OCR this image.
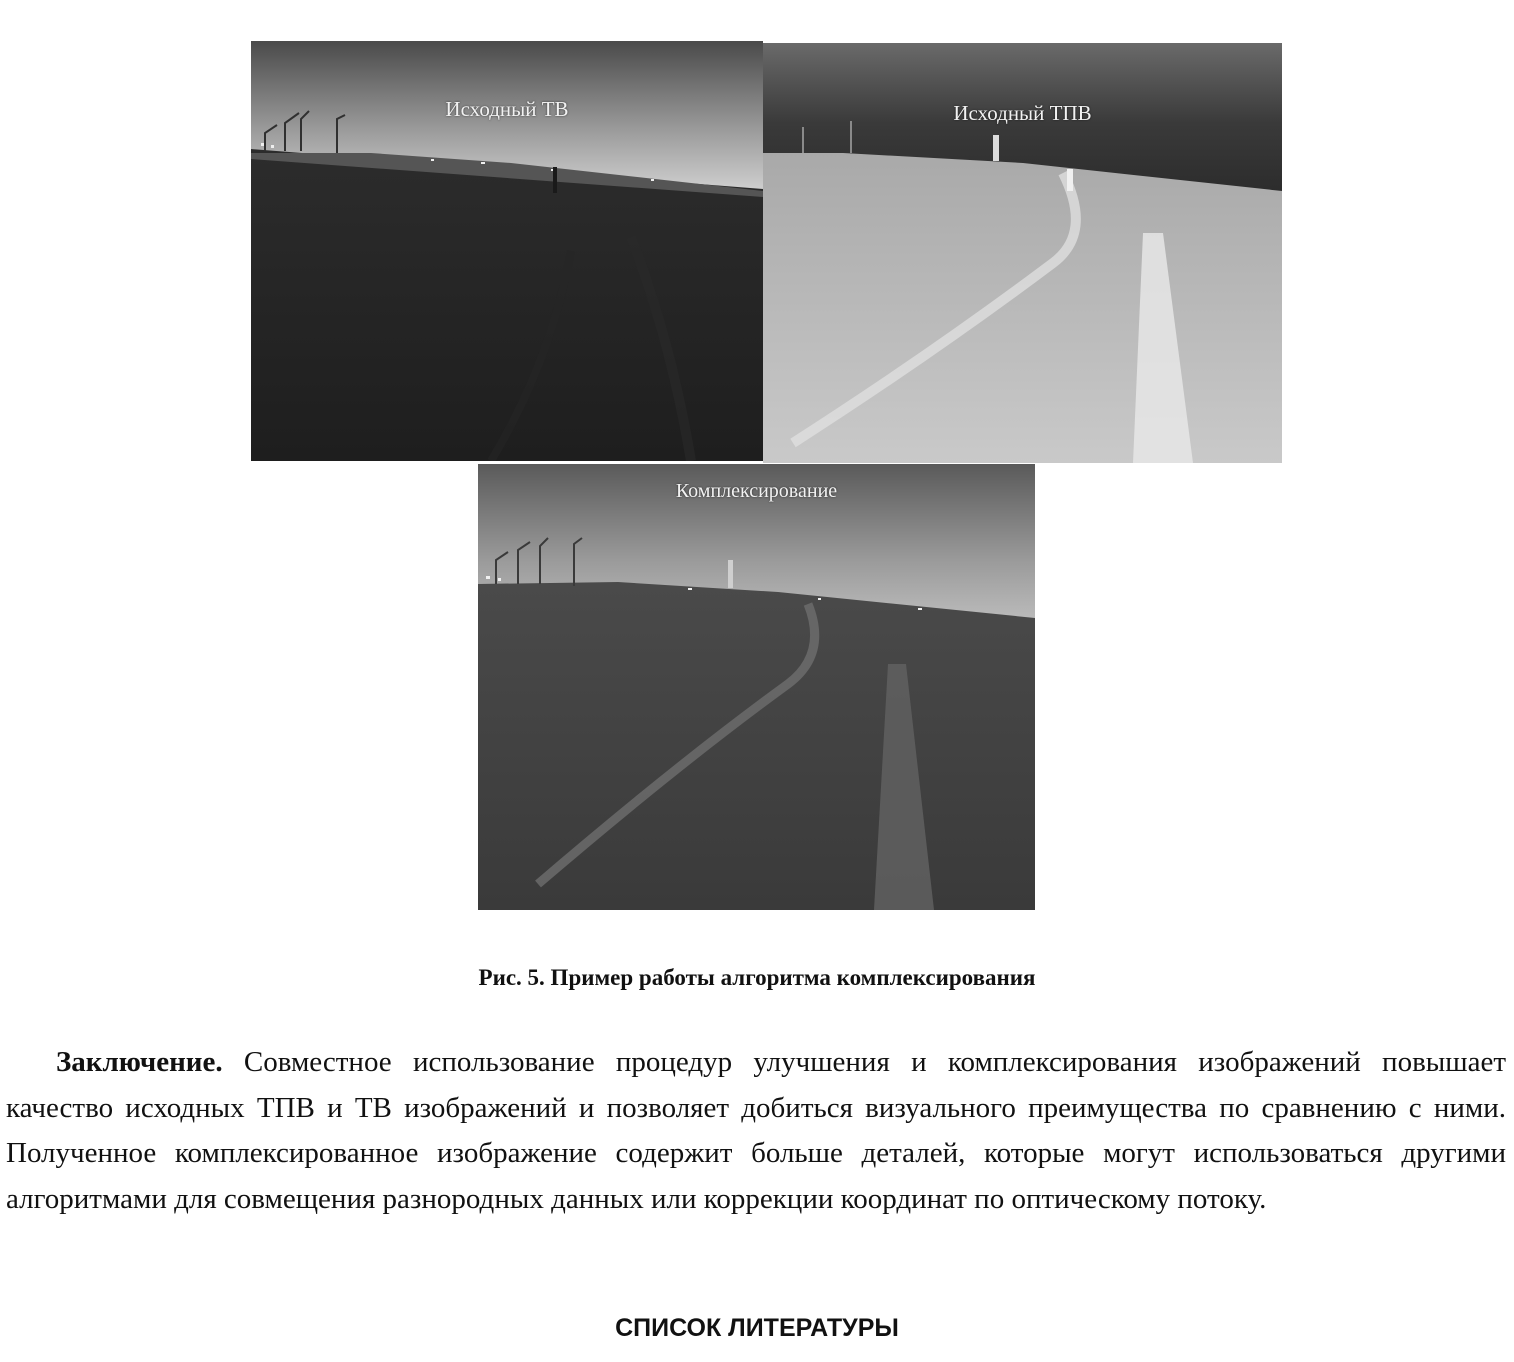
Исходный ТВ	Исходный ТПВ
Комплексирование
Рис. 5. Пример работы алгоритма комплексирования

Заключение. Совместное использование процедур улучшения и комплексирования изображений повышает качество исходных ТПВ и ТВ изображений и позволяет добиться визуального преимущества по сравнению с ними. Полученное комплексированное изображение содержит больше деталей, которые могут использоваться другими алгоритмами для совмещения разнородных данных или коррекции координат по оптическому потоку.

СПИСОК ЛИТЕРАТУРЫ
